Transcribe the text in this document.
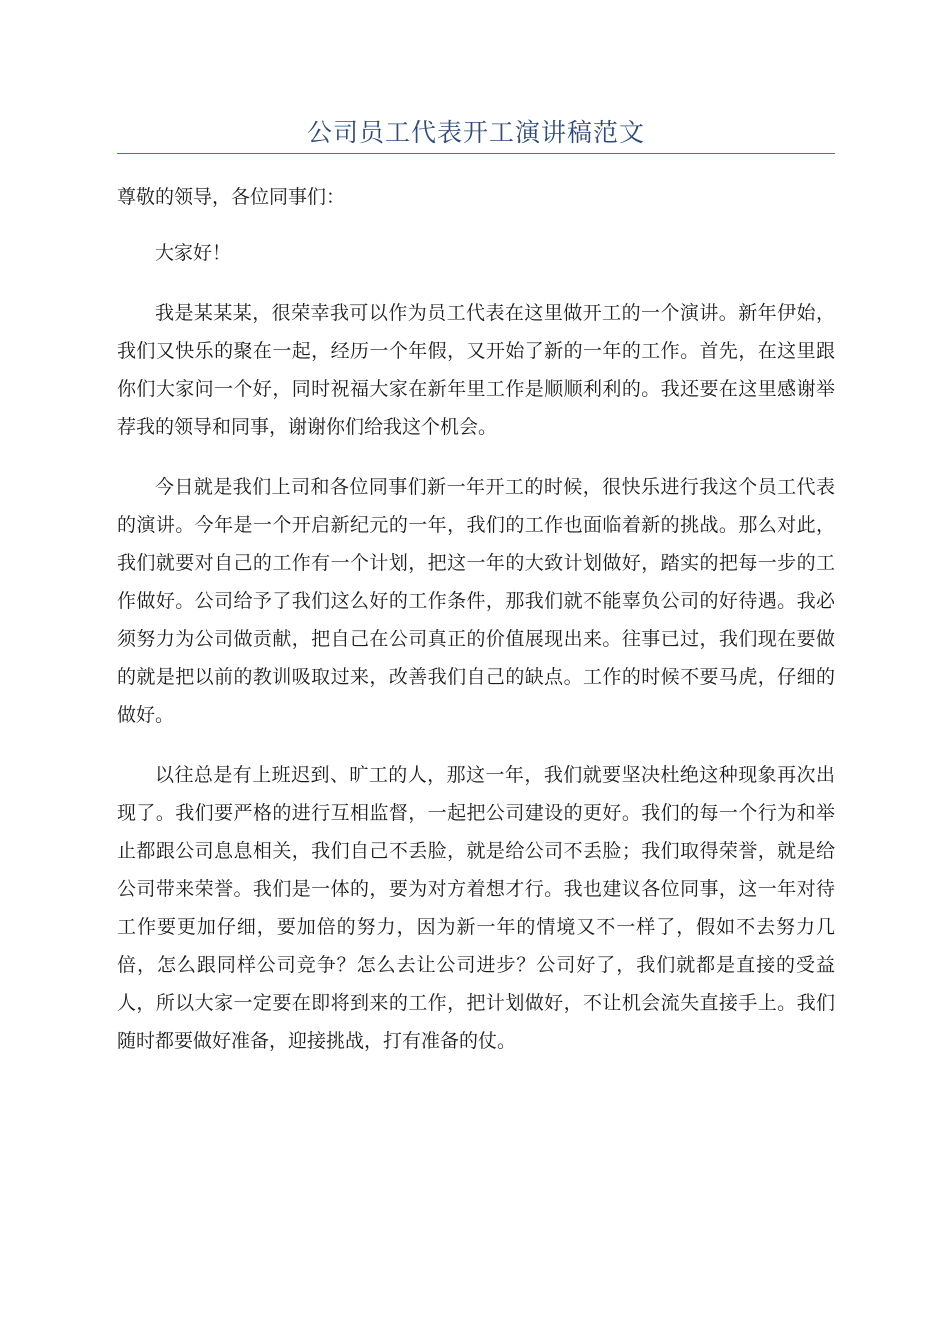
公司员工代表开工演讲稿范文

尊敬的领导，各位同事们：

大家好！

我是某某某，很荣幸我可以作为员工代表在这里做开工的一个演讲。新年伊始，我们又快乐的聚在一起，经历一个年假，又开始了新的一年的工作。首先，在这里跟你们大家问一个好，同时祝福大家在新年里工作是顺顺利利的。我还要在这里感谢举荐我的领导和同事，谢谢你们给我这个机会。

今日就是我们上司和各位同事们新一年开工的时候，很快乐进行我这个员工代表的演讲。今年是一个开启新纪元的一年，我们的工作也面临着新的挑战。那么对此，我们就要对自己的工作有一个计划，把这一年的大致计划做好，踏实的把每一步的工作做好。公司给予了我们这么好的工作条件，那我们就不能辜负公司的好待遇。我必须努力为公司做贡献，把自己在公司真正的价值展现出来。往事已过，我们现在要做的就是把以前的教训吸取过来，改善我们自己的缺点。工作的时候不要马虎，仔细的做好。

以往总是有上班迟到、旷工的人，那这一年，我们就要坚决杜绝这种现象再次出现了。我们要严格的进行互相监督，一起把公司建设的更好。我们的每一个行为和举止都跟公司息息相关，我们自己不丢脸，就是给公司不丢脸；我们取得荣誉，就是给公司带来荣誉。我们是一体的，要为对方着想才行。我也建议各位同事，这一年对待工作要更加仔细，要加倍的努力，因为新一年的情境又不一样了，假如不去努力几倍，怎么跟同样公司竞争？怎么去让公司进步？公司好了，我们就都是直接的受益人，所以大家一定要在即将到来的工作，把计划做好，不让机会流失直接手上。我们随时都要做好准备，迎接挑战，打有准备的仗。
